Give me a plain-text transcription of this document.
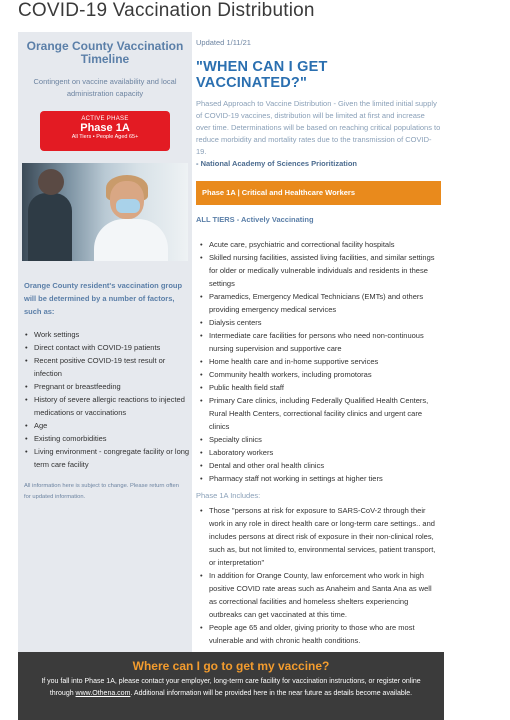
COVID-19 Vaccination Distribution
Orange County Vaccination Timeline
Contingent on vaccine availability and local administration capacity
ACTIVE PHASE
Phase 1A
All Tiers • People Aged 65+
Orange County resident's vaccination group will be determined by a number of factors, such as:
• Work settings
• Direct contact with COVID-19 patients
• Recent positive COVID-19 test result or infection
• Pregnant or breastfeeding
• History of severe allergic reactions to injected medications or vaccinations
• Age
• Existing comorbidities
• Living environment - congregate facility or long term care facility
All information here is subject to change. Please return often for updated information.
Updated 1/11/21
"WHEN CAN I GET VACCINATED?"
Phased Approach to Vaccine Distribution - Given the limited initial supply of COVID-19 vaccines, distribution will be limited at first and increase over time. Determinations will be based on reaching critical populations to reduce morbidity and mortality rates due to the transmission of COVID-19.
- National Academy of Sciences Prioritization
Phase 1A | Critical and Healthcare Workers
ALL TIERS - Actively Vaccinating
• Acute care, psychiatric and correctional facility hospitals
• Skilled nursing facilities, assisted living facilities, and similar settings for older or medically vulnerable individuals and residents in these settings
• Paramedics, Emergency Medical Technicians (EMTs) and others providing emergency medical services
• Dialysis centers
• Intermediate care facilities for persons who need non-continuous nursing supervision and supportive care
• Home health care and in-home supportive services
• Community health workers, including promotoras
• Public health field staff
• Primary Care clinics, including Federally Qualified Health Centers, Rural Health Centers, correctional facility clinics and urgent care clinics
• Specialty clinics
• Laboratory workers
• Dental and other oral health clinics
• Pharmacy staff not working in settings at higher tiers
Phase 1A Includes:
• Those "persons at risk for exposure to SARS-CoV-2 through their work in any role in direct health care or long-term care settings.. and includes persons at direct risk of exposure in their non-clinical roles, such as, but not limited to, environmental services, patient transport, or interpretation"
• In addition for Orange County, law enforcement who work in high positive COVID rate areas such as Anaheim and Santa Ana as well as correctional facilities and homeless shelters experiencing outbreaks can get vaccinated at this time.
• People age 65 and older, giving priority to those who are most vulnerable and with chronic health conditions.
Where can I go to get my vaccine?
If you fall into Phase 1A, please contact your employer, long-term care facility for vaccination instructions, or register online through www.Othena.com. Additional information will be provided here in the near future as details become available.
